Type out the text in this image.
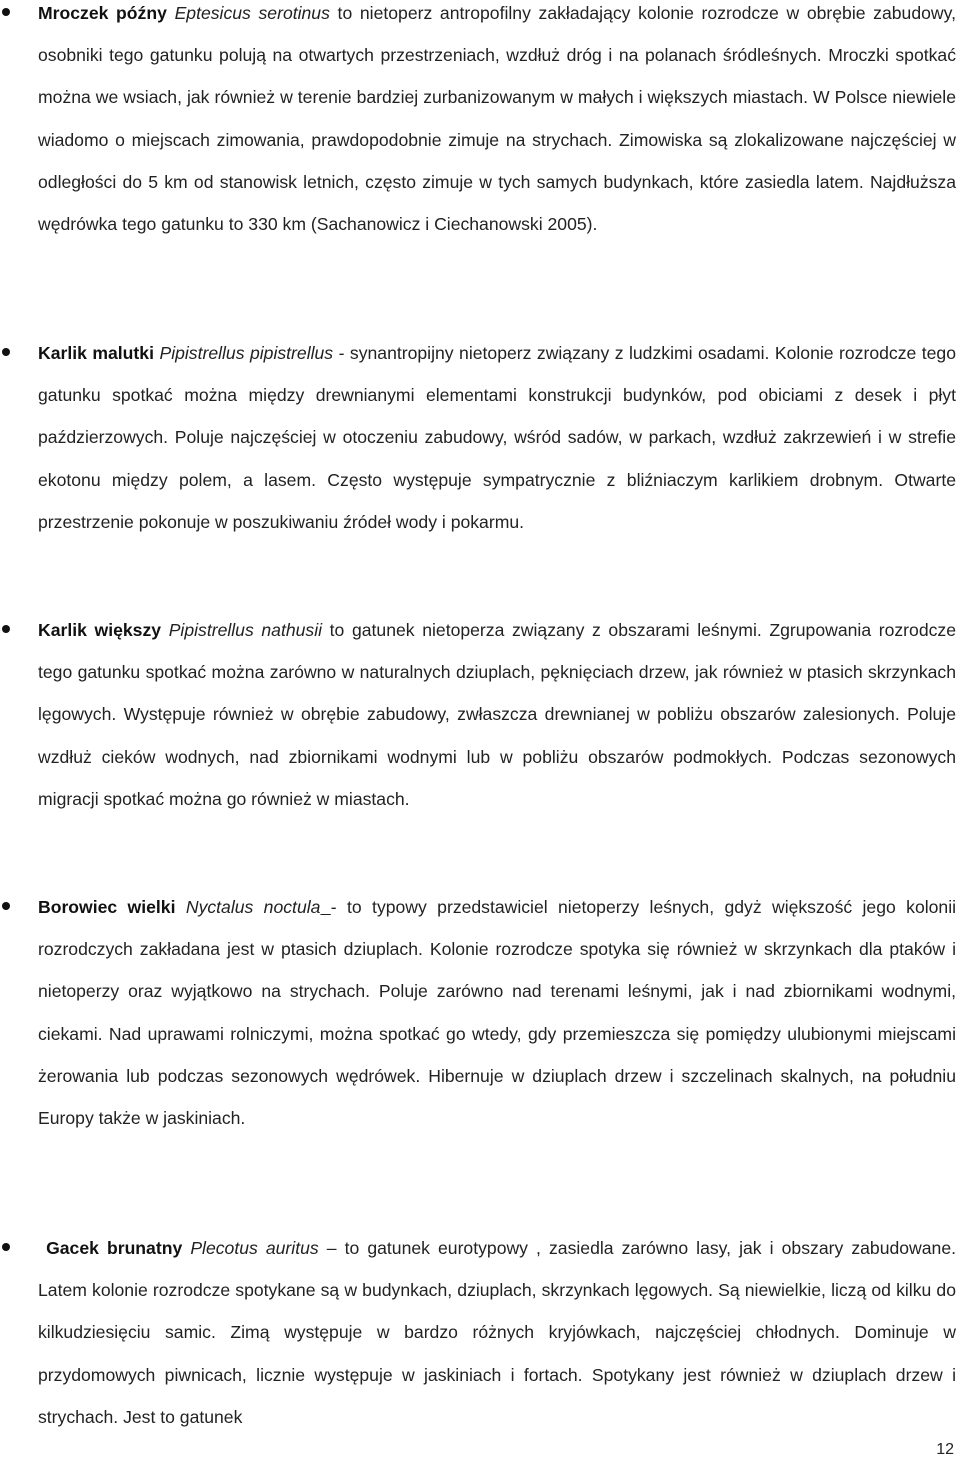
Mroczek późny Eptesicus serotinus to nietoperz antropofilny zakładający kolonie rozrodcze w obrębie zabudowy, osobniki tego gatunku polują na otwartych przestrzeniach, wzdłuż dróg i na polanach śródleśnych. Mroczki spotkać można we wsiach, jak również w terenie bardziej zurbanizowanym w małych i większych miastach. W Polsce niewiele wiadomo o miejscach zimowania, prawdopodobnie zimuje na strychach. Zimowiska są zlokalizowane najczęściej w odległości do 5 km od stanowisk letnich, często zimuje w tych samych budynkach, które zasiedla latem. Najdłuższa wędrówka tego gatunku to 330 km (Sachanowicz i Ciechanowski 2005).

Karlik malutki Pipistrellus pipistrellus - synantropijny nietoperz związany z ludzkimi osadami. Kolonie rozrodcze tego gatunku spotkać można między drewnianymi elementami konstrukcji budynków, pod obiciami z desek i płyt paździerzowych. Poluje najczęściej w otoczeniu zabudowy, wśród sadów, w parkach, wzdłuż zakrzewień i w strefie ekotonu między polem, a lasem. Często występuje sympatrycznie z bliźniaczym karlikiem drobnym. Otwarte przestrzenie pokonuje w poszukiwaniu źródeł wody i pokarmu.

Karlik większy Pipistrellus nathusii to gatunek nietoperza związany z obszarami leśnymi. Zgrupowania rozrodcze tego gatunku spotkać można zarówno w naturalnych dziuplach, pęknięciach drzew, jak również w ptasich skrzynkach lęgowych. Występuje również w obrębie zabudowy, zwłaszcza drewnianej w pobliżu obszarów zalesionych. Poluje wzdłuż cieków wodnych, nad zbiornikami wodnymi lub w pobliżu obszarów podmokłych. Podczas sezonowych migracji spotkać można go również w miastach.

Borowiec wielki Nyctalus noctula - to typowy przedstawiciel nietoperzy leśnych, gdyż większość jego kolonii rozrodczych zakładana jest w ptasich dziuplach. Kolonie rozrodcze spotyka się również w skrzynkach dla ptaków i nietoperzy oraz wyjątkowo na strychach. Poluje zarówno nad terenami leśnymi, jak i nad zbiornikami wodnymi, ciekami. Nad uprawami rolniczymi, można spotkać go wtedy, gdy przemieszcza się pomiędzy ulubionymi miejscami żerowania lub podczas sezonowych wędrówek. Hibernuje w dziuplach drzew i szczelinach skalnych, na południu Europy także w jaskiniach.

Gacek brunatny Plecotus auritus – to gatunek eurotypowy , zasiedla zarówno lasy, jak i obszary zabudowane. Latem kolonie rozrodcze spotykane są w budynkach, dziuplach, skrzynkach lęgowych. Są niewielkie, liczą od kilku do kilkudziesięciu samic. Zimą występuje w bardzo różnych kryjówkach, najczęściej chłodnych. Dominuje w przydomowych piwnicach, licznie występuje w jaskiniach i fortach. Spotykany jest również w dziuplach drzew i strychach. Jest to gatunek

12
